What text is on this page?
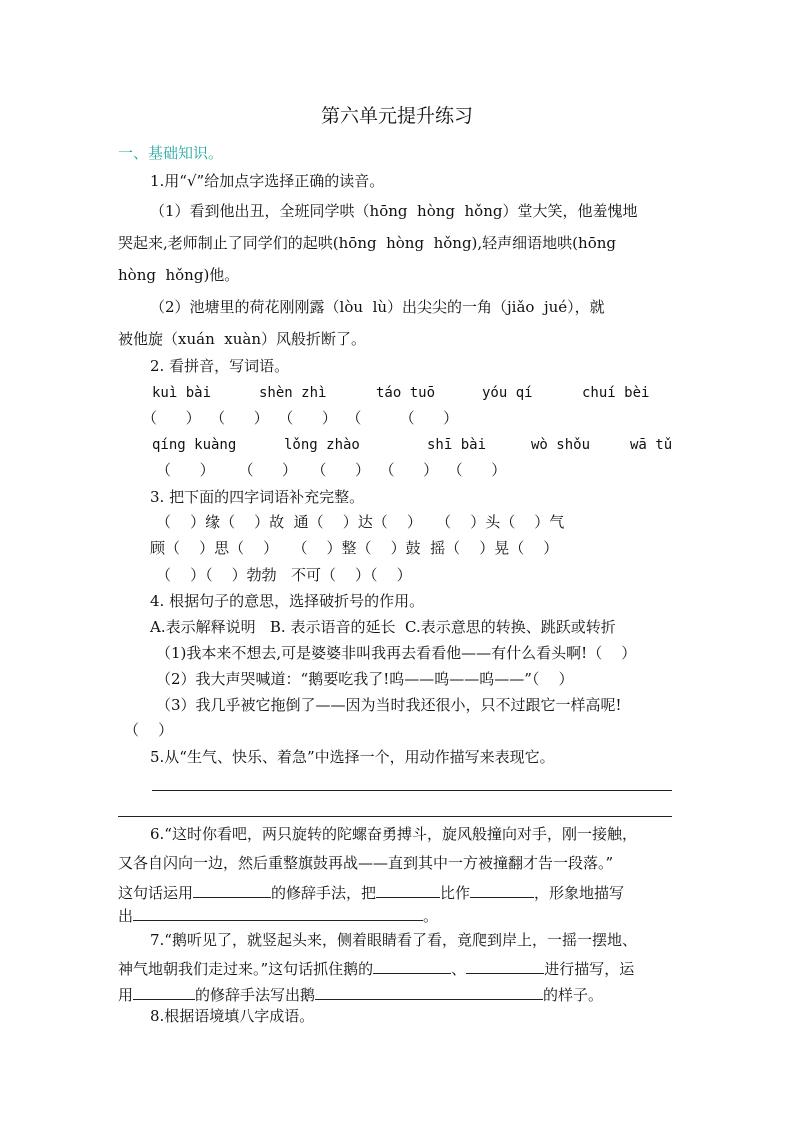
第六单元提升练习
一、基础知识。
1.用“√”给加点字选择正确的读音。
（1）看到他出丑，全班同学哄（hōng  hòng  hǒng）堂大笑，他羞愧地
哭起来,老师制止了同学们的起哄(hōng  hòng  hǒng),轻声细语地哄(hōng
hòng  hǒng)他。
（2）池塘里的荷花刚刚露（lòu  lù）出尖尖的一角（jiǎo  jué），就
被他旋（xuán  xuàn）风般折断了。
2. 看拼音，写词语。
kuì bài	shèn zhì	táo tuō	yóu qí	chuí bèi
（      ）  （      ）  （      ）  （        （      ）
qíng kuàng	lǒng zhào	shī bài	wò shǒu	wā tǔ
（      ）     （      ）   （      ）  （      ）  （      ）
3. 把下面的四字词语补充完整。
（    ）缘（    ）故  通（    ）达（    ）   （    ）头（    ）气
顾（    ）思（    ）   （    ）整（    ）鼓  摇（    ）晃（    ）
（    ）（    ）勃勃   不可（    ）（    ）
4. 根据句子的意思，选择破折号的作用。
A.表示解释说明   B. 表示语音的延长  C.表示意思的转换、跳跃或转折
（1)我本来不想去,可是婆婆非叫我再去看看他——有什么看头啊!（    ）
（2）我大声哭喊道：“鹅要吃我了!呜——呜——呜——”（    ）
（3）我几乎被它拖倒了——因为当时我还很小，只不过跟它一样高呢!
（    ）
5.从“生气、快乐、着急”中选择一个，用动作描写来表现它。
6.“这时你看吧，两只旋转的陀螺奋勇搏斗，旋风般撞向对手，刚一接触，
又各自闪向一边，然后重整旗鼓再战——直到其中一方被撞翻才告一段落。”
这句话运用	的修辞手法，把	比作	，形象地描写
出	。
7.“鹅听见了，就竖起头来，侧着眼睛看了看，竟爬到岸上，一摇一摆地、
神气地朝我们走过来。”这句话抓住鹅的	、	进行描写，运
用	的修辞手法写出鹅	的样子。
8.根据语境填八字成语。
